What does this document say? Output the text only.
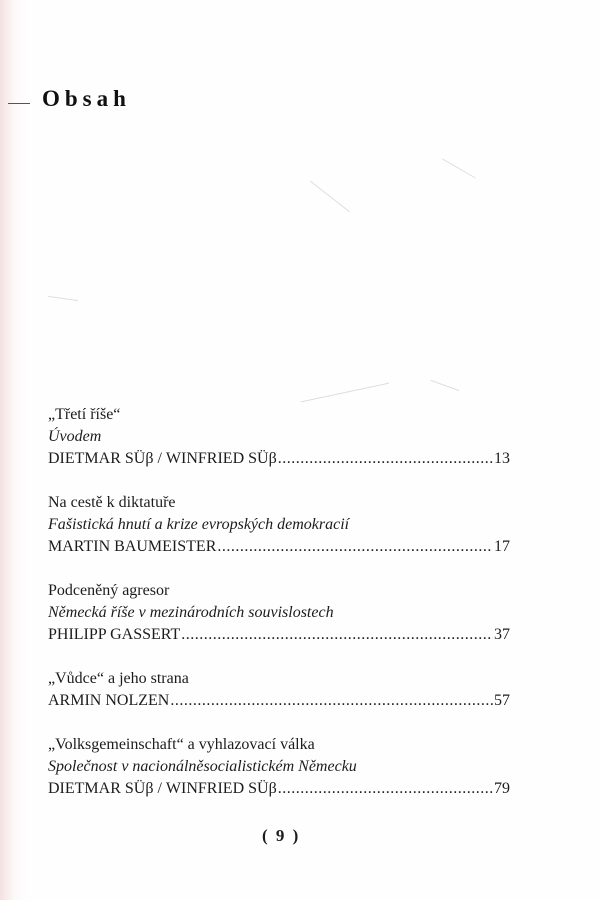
Obsah
„Třetí říše“
Úvodem
DIETMAR SÜβ / WINFRIED SÜβ .....	13
Na cestě k diktatuře
Fašistická hnutí a krize evropských demokracií
MARTIN BAUMEISTER .....	17
Podceněný agresor
Německá říše v mezinárodních souvislostech
PHILIPP GASSERT .....	37
„Vůdce“ a jeho strana
ARMIN NOLZEN .....	57
„Volksgemeinschaft“ a vyhlazovací válka
Společnost v nacionálněsocialistickém Německu
DIETMAR SÜβ / WINFRIED SÜβ .....	79
( 9 )
